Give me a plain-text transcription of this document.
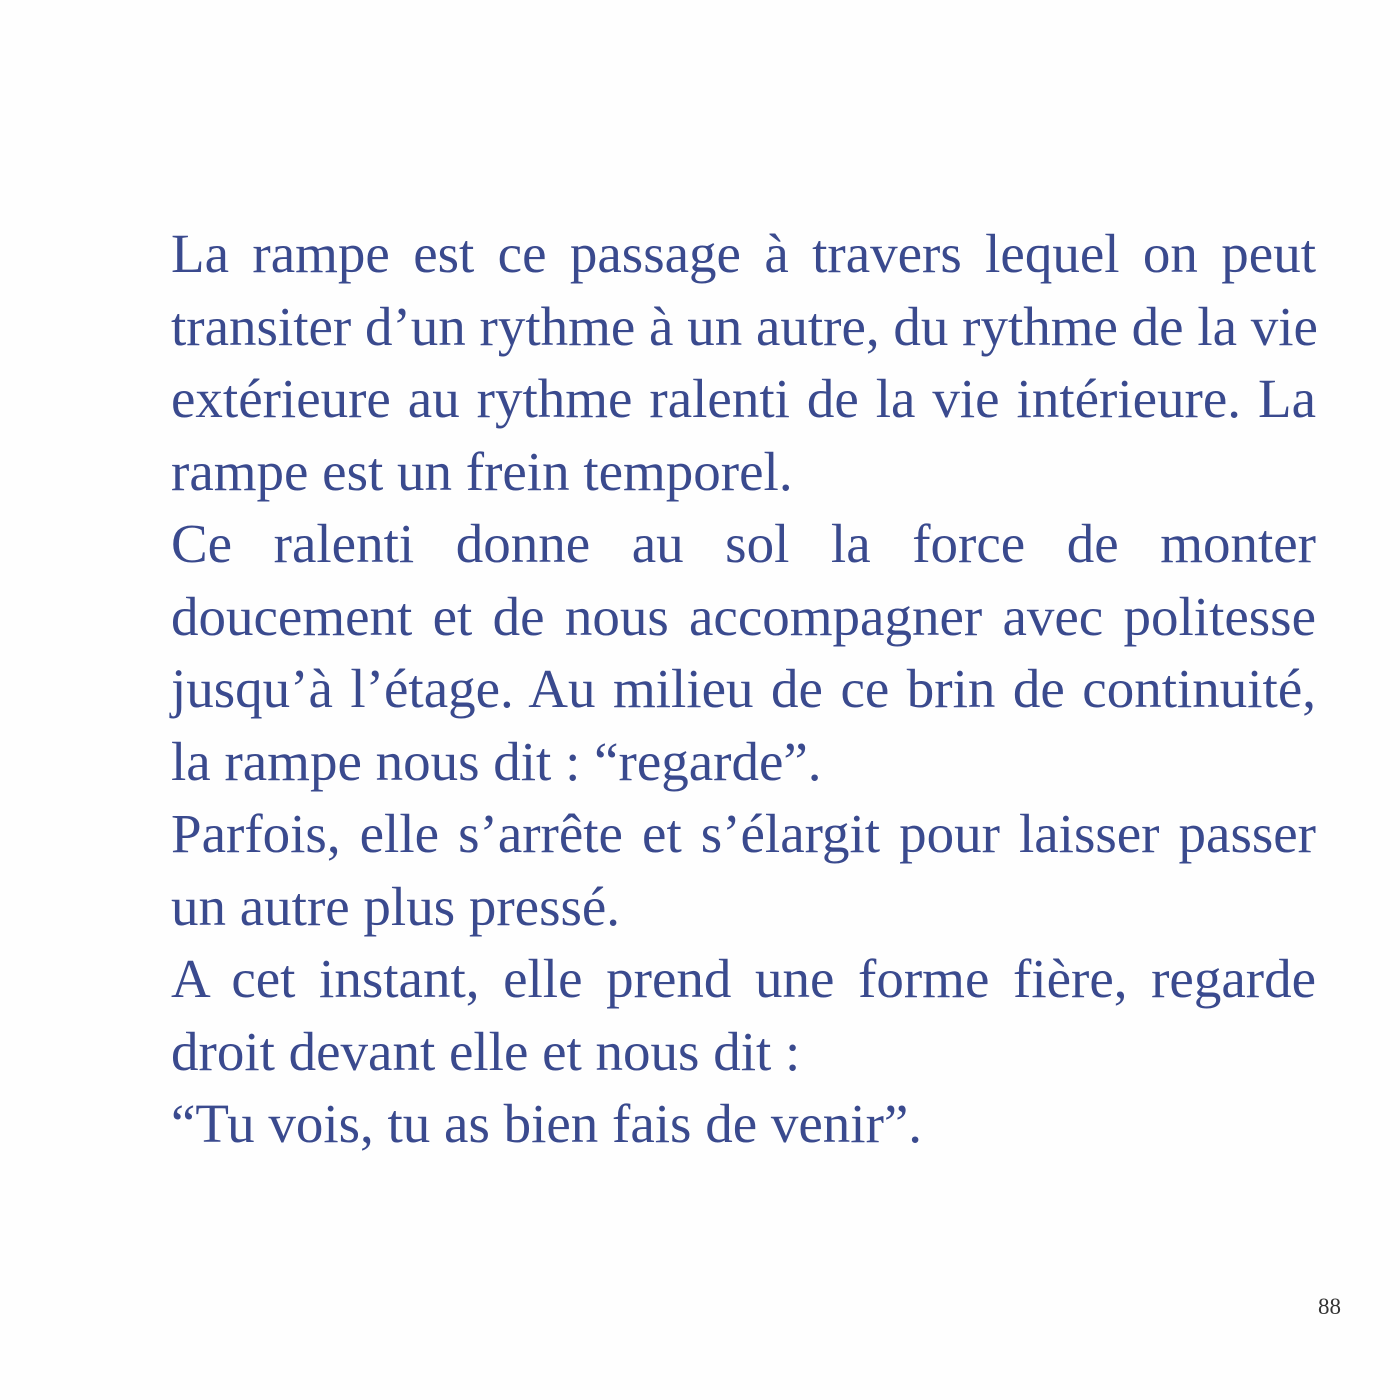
La rampe est ce passage à travers lequel on peut
transiter d’un rythme à un autre, du rythme de la vie
extérieure au rythme ralenti de la vie intérieure. La
rampe est un frein temporel.
Ce ralenti donne au sol la force de monter
doucement et de nous accompagner avec politesse
jusqu’à l’étage. Au milieu de ce brin de continuité,
la rampe nous dit : “regarde”.
Parfois, elle s’arrête et s’élargit pour laisser passer
un autre plus pressé.
A cet instant, elle prend une forme fière, regarde
droit devant elle et nous dit :
“Tu vois, tu as bien fais de venir”.
88
